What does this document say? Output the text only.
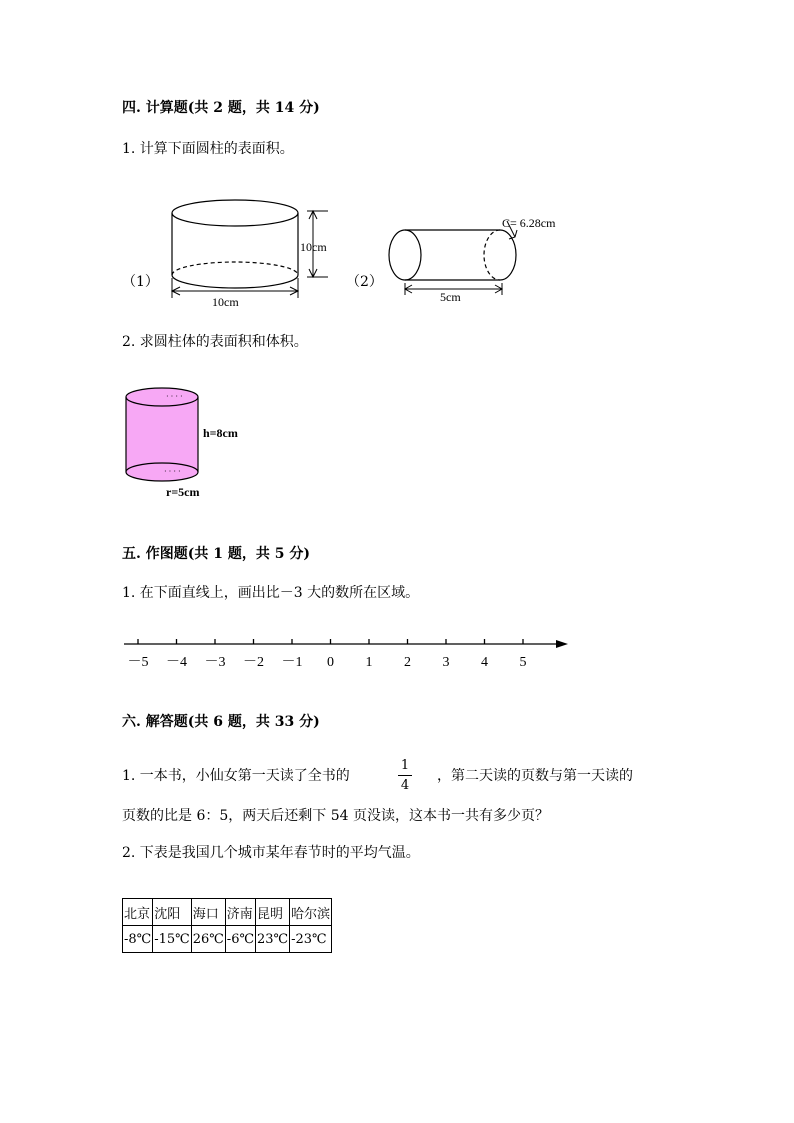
四. 计算题(共 2 题，共 14 分)
1. 计算下面圆柱的表面积。
（1）
10cm
10cm
（2）
C= 6.28cm
5cm
2. 求圆柱体的表面积和体积。
· · · ·
· · · ·
h=8cm
r=5cm
五. 作图题(共 1 题，共 5 分)
1. 在下面直线上，画出比－3 大的数所在区域。
－5 －4 －3 －2 －1 0 1 2 3 4 5
六. 解答题(共 6 题，共 33 分)
1. 一本书，小仙女第一天读了全书的
1
4
，第二天读的页数与第一天读的
页数的比是 6：5，两天后还剩下 54 页没读，这本书一共有多少页？
2. 下表是我国几个城市某年春节时的平均气温。
北京	沈阳	海口	济南	昆明	哈尔滨
-8℃	-15℃	26℃	-6℃	23℃	-23℃
